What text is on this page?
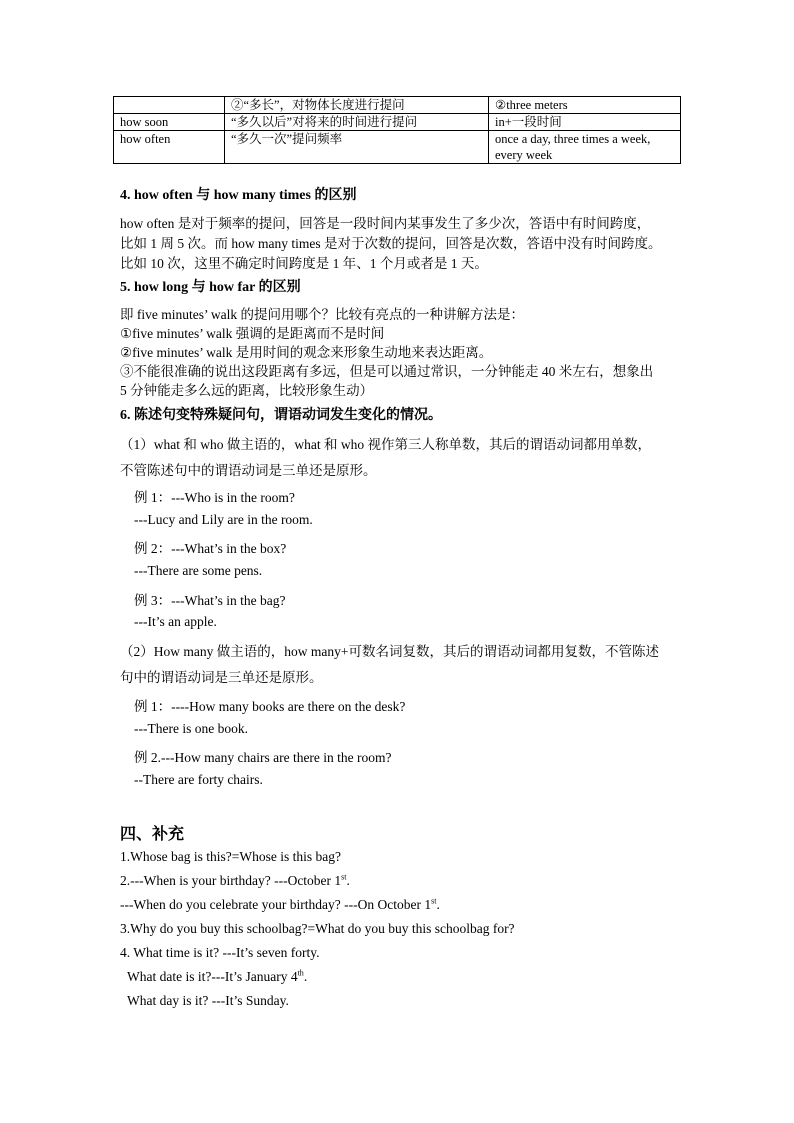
	②“多长”，对物体长度进行提问	②three meters
how soon	“多久以后”对将来的时间进行提问	in+一段时间
how often	“多久一次”提问频率	once a day, three times a week, every week
4. how often 与 how many times 的区别
how often 是对于频率的提问，回答是一段时间内某事发生了多少次，答语中有时间跨度，
比如 1 周 5 次。而 how many times 是对于次数的提问，回答是次数，答语中没有时间跨度。
比如 10 次，这里不确定时间跨度是 1 年、1 个月或者是 1 天。
5. how long 与 how far 的区别
即 five minutes’ walk 的提问用哪个？比较有亮点的一种讲解方法是：
①five minutes’ walk 强调的是距离而不是时间
②five minutes’ walk 是用时间的观念来形象生动地来表达距离。
③不能很准确的说出这段距离有多远，但是可以通过常识，一分钟能走 40 米左右，想象出
5 分钟能走多么远的距离，比较形象生动）
6. 陈述句变特殊疑问句，谓语动词发生变化的情况。
（1）what 和 who 做主语的，what 和 who 视作第三人称单数，其后的谓语动词都用单数，
不管陈述句中的谓语动词是三单还是原形。
例 1：---Who is in the room?
---Lucy and Lily are in the room.
例 2：---What’s in the box?
---There are some pens.
例 3：---What’s in the bag?
---It’s an apple.
（2）How many 做主语的，how many+可数名词复数，其后的谓语动词都用复数，不管陈述
句中的谓语动词是三单还是原形。
例 1：----How many books are there on the desk?
---There is one book.
例 2.---How many chairs are there in the room?
--There are forty chairs.
四、补充
1.Whose bag is this?=Whose is this bag?
2.---When is your birthday? ---October 1st.
---When do you celebrate your birthday? ---On October 1st.
3.Why do you buy this schoolbag?=What do you buy this schoolbag for?
4. What time is it? ---It’s seven forty.
What date is it?---It’s January 4th.
What day is it? ---It’s Sunday.
